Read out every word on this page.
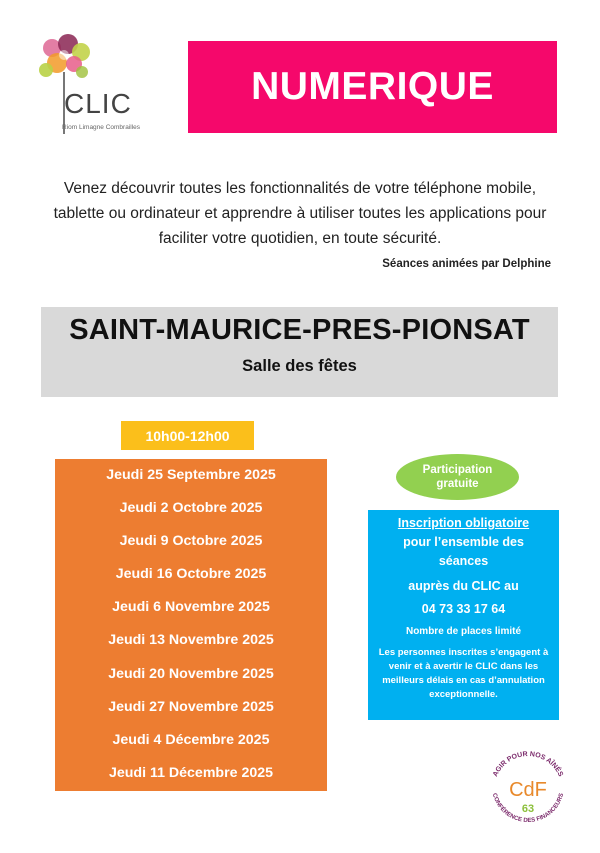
CLIC
Riom Limagne Combrailles
NUMERIQUE
Venez découvrir toutes les fonctionnalités de votre téléphone mobile, tablette ou ordinateur et apprendre à utiliser toutes les applications pour faciliter votre quotidien, en toute sécurité.
Séances animées par Delphine
SAINT-MAURICE-PRES-PIONSAT
Salle des fêtes
10h00-12h00
Jeudi 25 Septembre 2025
Jeudi 2 Octobre 2025
Jeudi 9 Octobre 2025
Jeudi 16 Octobre 2025
Jeudi 6 Novembre 2025
Jeudi 13 Novembre 2025
Jeudi 20 Novembre 2025
Jeudi 27 Novembre 2025
Jeudi 4 Décembre 2025
Jeudi 11 Décembre 2025
Participation
gratuite
Inscription obligatoire
pour l’ensemble des
séances
auprès du CLIC au
04 73 33 17 64
Nombre de places limité
Les personnes inscrites s’engagent à
venir et à avertir le CLIC dans les
meilleurs délais en cas d’annulation
exceptionnelle.
AGIR POUR NOS AÎNÉS
CONFÉRENCE DES FINANCEURS
CdF
63
